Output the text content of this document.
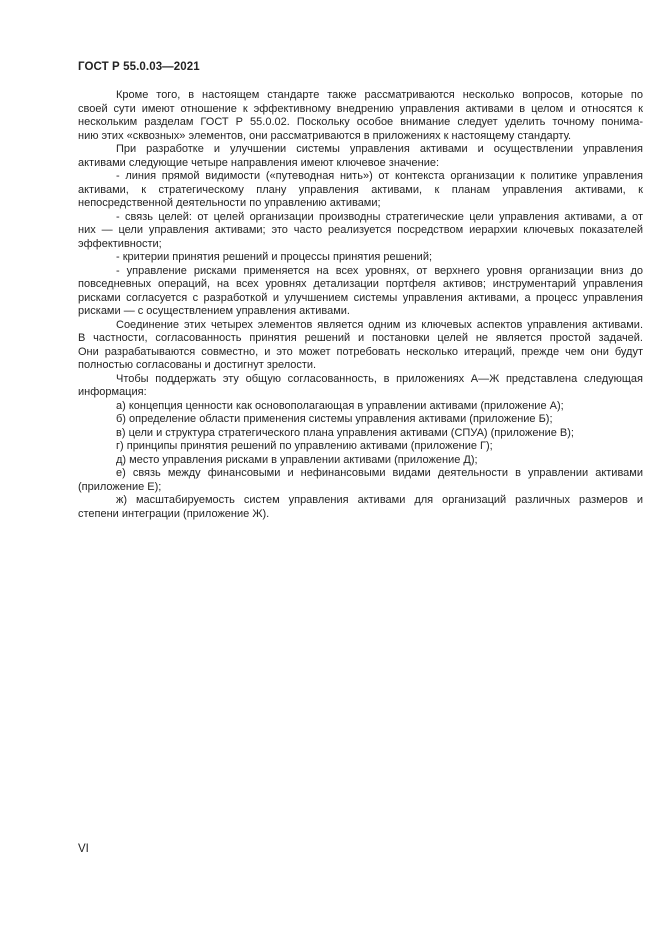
ГОСТ Р 55.0.03—2021
Кроме того, в настоящем стандарте также рассматриваются несколько вопросов, которые по
своей сути имеют отношение к эффективному внедрению управления активами в целом и относятся к
нескольким разделам ГОСТ Р 55.0.02. Поскольку особое внимание следует уделить точному понима-
нию этих «сквозных» элементов, они рассматриваются в приложениях к настоящему стандарту.
При разработке и улучшении системы управления активами и осуществлении управления
активами следующие четыре направления имеют ключевое значение:
- линия прямой видимости («путеводная нить») от контекста организации к политике управления
активами, к стратегическому плану управления активами, к планам управления активами, к
непосредственной деятельности по управлению активами;
- связь целей: от целей организации производны стратегические цели управления активами, а от
них — цели управления активами; это часто реализуется посредством иерархии ключевых показателей
эффективности;
- критерии принятия решений и процессы принятия решений;
- управление рисками применяется на всех уровнях, от верхнего уровня организации вниз до
повседневных операций, на всех уровнях детализации портфеля активов; инструментарий управления
рисками согласуется с разработкой и улучшением системы управления активами, а процесс управления
рисками — с осуществлением управления активами.
Соединение этих четырех элементов является одним из ключевых аспектов управления активами.
В частности, согласованность принятия решений и постановки целей не является простой задачей.
Они разрабатываются совместно, и это может потребовать несколько итераций, прежде чем они будут
полностью согласованы и достигнут зрелости.
Чтобы поддержать эту общую согласованность, в приложениях А—Ж представлена следующая
информация:
а) концепция ценности как основополагающая в управлении активами (приложение А);
б) определение области применения системы управления активами (приложение Б);
в) цели и структура стратегического плана управления активами (СПУА) (приложение В);
г) принципы принятия решений по управлению активами (приложение Г);
д) место управления рисками в управлении активами (приложение Д);
е) связь между финансовыми и нефинансовыми видами деятельности в управлении активами
(приложение Е);
ж) масштабируемость систем управления активами для организаций различных размеров и
степени интеграции (приложение Ж).
VI
